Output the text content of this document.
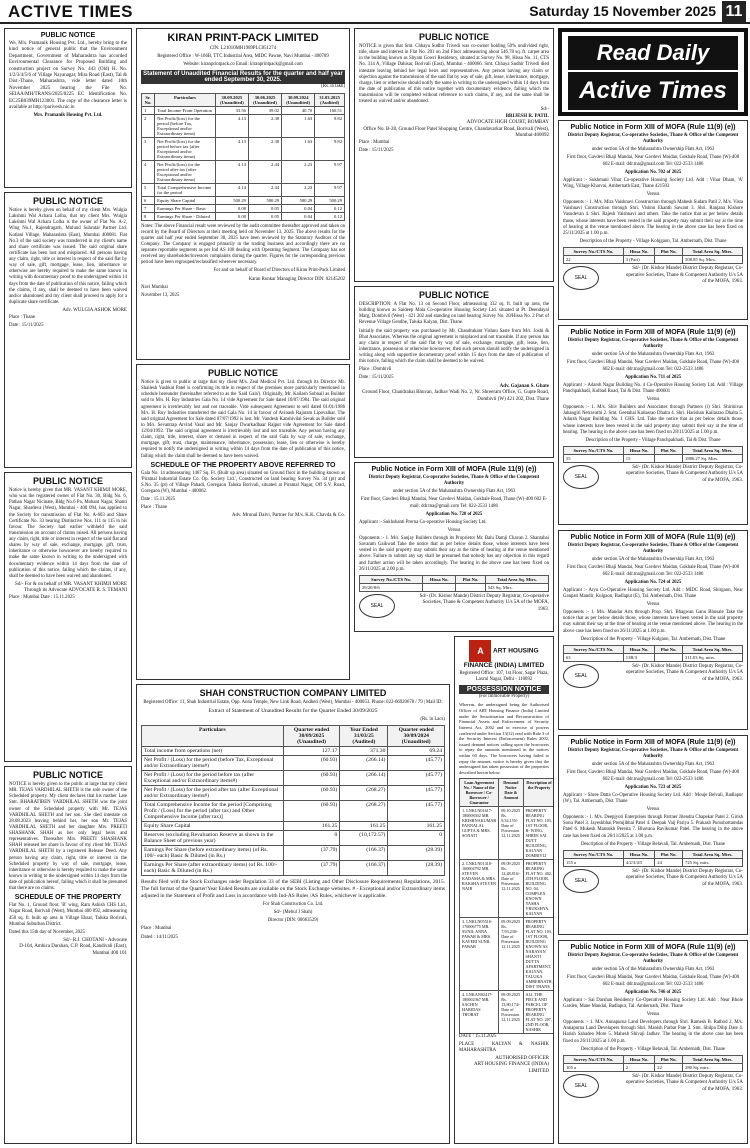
ACTIVE TIMES	Saturday 15 November 2025 11
PUBLIC NOTICE
We, M/s. Pramanik Housing Pvt. Ltd., hereby bring to the kind notice of general public that the Environment Department, Government of Maharashtra has accorded Environmental Clearance for Proposed Building and construction project on Survey No. 443 (Old) H. No. 1/2/3/4/5/6 of Village Nayanagar, Mira Road (East), Tal & Dist.-Thane, Maharashtra, vide letter dated 10th November 2025 bearing the File No. SEIAA/MH/TRANS/2025/0225 EC Identification No. EC25B039MH123001. The copy of the clearance letter is available at http://parivesh.nic.in
Mrs. Pramanik Housing Pvt. Ltd.
PUBLIC NOTICE
Notice is hereby given on behalf of my client Mrs. Wulgia Lakshmi Wal Achara Lolha, that my client Mrs. Wulgia Lakshmi Wal Achara Lolha is the owner of Flat No. A-2, Wing No.1, Rajendragarh, Mulund Suhrutal Partner Ltd. Kotlani Village, Maharashtra (East), Mumbai 400081. Flat No.3 of the said society was transferred in my client's name and share certificate was issued. The said original share certificate has been lost and misplaced. All persons having any claim, right, title or interest in respect of the said flat by way of sale, gift, mortgage, lease, lien, inheritance or otherwise are hereby required to make the same known in writing with documentary proof to the undersigned within 14 days from the date of publication of this notice, failing which the claims, if any, shall be deemed to have been waived and/or abandoned and my client shall proceed to apply for a duplicate share certificate.
Adv. WULGIA ASHOK MORE
Place : Thane
Date : 15/11/2025
PUBLIC NOTICE
Notice is hereby given that MR. VASANT KHIMJI MORE, who was the registered owner of Flat No. 30, Bldg No. 6, Pathan Nagar Nicinate, Bldg No.6 Pa, Mohant Nagar, Shanti Nagar, Shardeva (West), Mumbai - 400 094, has applied to the Society for transmission of Flat No. A-603 and Share Certificate No. 33 bearing Distinctive Nos. 111 to 115 in his favour. The Society had earlier withheld the said transmission on account of claims raised. All persons having any claim, right, title or interest in respect of the said flat and shares by way of sale, exchange, mortgage, gift, trust, inheritance or otherwise howsoever are hereby required to make the same known in writing to the undersigned with documentary evidence within 14 days from the date of publication of this notice, failing which the claims, if any, shall be deemed to have been waived and abandoned.
Sd/- For & on behalf of MR. VASANT KHIMJI MORE
Through its Advocate ADVOCATE R. S. TEMANI
Place : Mumbai Date : 15.11.2025
PUBLIC NOTICE
NOTICE is hereby given to the public at large that my client MR. TEJAS VARDHILAL SHETH is the sole owner of the Scheduled property. My client declares that his mother Late Smt. BHARATIBEN VARDHILAL SHETH was the joint owner of the Scheduled property with Mr. TEJAS VARDHILAL SHETH and her son. She died intestate on 28.08.2023 leaving behind her, her son Mr. TEJAS VARDHILAL SHETH and her daughter Mrs. PREETI SHASHANK SHAH as her only legal heirs and representatives. Thereafter Mrs. PREETI SHASHANK SHAH released her share in favour of my client Mr. TEJAS VARDHILAL SHETH by a registered Release Deed. Any person having any claim, right, title or interest in the Scheduled property by way of sale, mortgage, lease, inheritance or otherwise is hereby required to make the same known in writing to the undersigned within 14 days from the date of publication hereof, failing which it shall be presumed that there are no claims.
SCHEDULE OF THE PROPERTY
Flat No. 1, Ground floor, 'B' wing, Ram Ashish CHS Ltd., Nagar Road, Borivali (West), Mumbai 400 092, admeasuring 450 sq. ft. built up area in Village Eksar, Taluka Borivali, Mumbai Suburban District.
Dated this 15th day of November, 2025
Sd/- R.J. CHOTANI - Advocate
D-104, Ambica Darshan, C.P. Road, Kandivali (East), Mumbai 400 101
KIRAN PRINT-PACK LIMITED
CIN: L21010MH1989PLC051274
Registered Office : W-166B, TTC Industrial Area, MIDC Pawne, Navi Mumbai - 400709
Website: kiranprintpack.co Email: kiranprintpack@gmail.com
Statement of Unaudited Financial Results for the quarter and half year ended September 30, 2025.
(Rs. in lakh)
Sr. No.	Particulars	30.09.2025 (Unaudited)	30.06.2025 (Unaudited)	30.09.2024 (Unaudited)	31.03.2025 (Audited)
1	Total Income From Operation	33.56	39.02	40.70	160.51
2	Net Profit/(loss) for the period (before Tax, Exceptional and/or Extraordinary items)	4.13	2.38	1.63	9.82
3	Net Profit/(loss) for the period before tax (after Exceptional and/or Extraordinary items)	4.13	2.38	1.63	9.82
4	Net Profit/(loss) for the period after tax (after Exceptional and/or Extraordinary items)	4.14	2.44	2.23	9.97
5	Total Comprehensive Income for the period	4.14	2.44	2.23	9.97
6	Equity Share Capital	500.29	500.29	500.29	500.29
7	Earnings Per Share - Basic	0.08	0.05	0.04	0.12
8	Earnings Per Share - Diluted	0.08	0.05	0.04	0.12
Notes: The above Financial result were reviewed by the audit committee thereafter approved and taken on record by the Board of Directors at their meeting held on November 13, 2025. The above results for the quarter and half year ended September 30, 2025 have been reviewed by the Statutory Auditors of the Company. The Company is engaged primarily in the trading business and accordingly there are no separate reportable segments as per Ind AS 108 dealing with Operating Segment. The Company has not received any shareholder/investors complaints during the quarter. Figures for the corresponding previous period have been regrouped/reclassified wherever necessary.
For and on behalf of Board of Directors of Kiran Print-Pack Limited
Karan Ronkar Managing Director DIN: 02145202
Navi Mumbai
November 13, 2025
PUBLIC NOTICE
Notice is given to public at large that my client M/s. Zeal Medical Pvt. Ltd. through its Director Mr. Shailesh Vashkat Patel is confirming its title in respect of the premises more particularly mentioned in schedule hereunder (hereinafter referred to as the 'Said Gala'). Originally, Mr. Kailash Sobnail as Builder sold to M/s. H. Roy Industries Gala No. 14 vide Agreement for Sale dated 10/07/1984. The said original agreement is irretrievably lost and not traceable. Vide subsequent Agreement to sell dated 01/01/1986 M/s. H. Roy Industries transferred the said Gala No. 14 in favour of Avinash Rajaram Lipovalkar. The said original Agreement for Sale dated 07/07/1992 is lost. Mr. Vandesh Kanshivilal Sevak as Builder sold to M/s. Sevantrap Arvind Vasal and Mr. Sanjay Dwarkadhaar Rajput vide Agreement for Sale dated 12/04/1992. The said original agreement is irretrievably lost and not traceable. Any person having any claim, right, title, interest, share or demand in respect of the said Gala by way of sale, exchange, mortgage, gift, trust, charge, maintenance, inheritance, possession, lease, lien or otherwise is hereby required to notify the undersigned in writing within 14 days from the date of publication of this notice, failing which the claim shall be deemed to have been waived.
SCHEDULE OF THE PROPERTY ABOVE REFERRED TO
Gala No. 14 admeasuring 1467 Sq. Ft. (Built up area) situated on Ground floor in the building known as 'Piramal Industrial Estate Co. Op. Society Ltd.', Constructed on land bearing Survey No. 34 (pt) and S.No. 35 (pt) of Village Pahadi, Goregaon Taluka Borivali, situated at Piramal Nagar, Off S.V. Road, Goregaon (W), Mumbai - 400062.
Date : 15.11.2025
Place : Thane
Adv. Mrunal Dalvi, Partner for M/s. K.K. Chavda & Co.
SHAH CONSTRUCTION COMPANY LIMITED
Registered Office: 11, Shah Industrial Estate, Opp. Anna Temple, New Link Road, Andheri (West), Mumbai - 400053. Phone: 022-66920678 / 79 | Mail ID:
Extract of Statement of Unaudited Results for the Quarter Ended 30/09/2025
(Rs. in Lacs)
Particulars	Quarter ended 30/09/2025 (Unaudited)	Year Ended 31/03/25 (Audited)	Quarter ended 30/09/2024 (Unaudited)
Total income from operations (net)	127.17	371.30	69.24
Net Profit / (Loss) for the period (before Tax, Exceptional and/or Extraordinary items#)	(60.93)	(266.14)	(45.77)
Net Profit / (Loss) for the period before tax (after Exceptional and/or Extraordinary items#)	(60.93)	(266.14)	(45.77)
Net Profit / (Loss) for the period after tax (after Exceptional and/or Extraordinary items#)	(60.93)	(268.27)	(45.77)
Total Comprehensive Income for the period [Comprising Profit / (Loss) for the period (after tax) and Other Comprehensive Income (after tax)]	(60.93)	(268.27)	(45.77)
Equity Share Capital	161.25	161.25	161.25
Reserves (excluding Revaluation Reserve as shown in the Balance Sheet of previous year)	0	(10,172.57)	0
Earnings Per Share (before extraordinary items) (of Rs. 100/- each) Basic & Diluted (in Rs.)	(37.79)	(166.37)	(28.39)
Earnings Per Share (after extraordinary items) (of Rs. 100/- each) Basic & Diluted (in Rs.)	(37.79)	(166.37)	(28.39)
Results filed with the Stock Exchanges under Regulation 33 of the SEBI (Listing and Other Disclosure Requirements) Regulations, 2015. The full format of the Quarter/Year Ended Results are available on the Stock Exchange websites. # - Exceptional and/or Extraordinary items adjusted in the Statement of Profit and Loss in accordance with Ind-AS Rules /AS Rules, whichever is applicable.
For Shah Construction Co. Ltd.
Sd/- (Mehul J Shah)
Director (DIN: 00663529)
Place : Mumbai
Dated : 14/11/2025
PUBLIC NOTICE
NOTICE is given that Smt. Chhaya Sudhir Trivedi was co-owner holding 50% undivided right, title, share and interest in Flat No. 201 on 2nd Floor admeasuring about 546.78 sq. ft. carpet area in the building known as Shyam Gowri Residency, situated at Survey No. 98, Hissa No. 11, CTS No. 314 A, Village Dahisar, Borivali (East), Mumbai - 400066. Smt. Chhaya Sudhir Trivedi died intestate leaving behind her legal heirs and representatives. Any person having any claim or objection against the transmission of the said flat by way of sale, gift, lease, inheritance, mortgage, charge, lien or otherwise should notify the same in writing to the undersigned within 14 days from the date of publication of this notice together with documentary evidence, failing which the transmission will be completed without reference to such claims, if any, and the same shall be treated as waived and/or abandoned.
Sd/-
BRIJESH R. PATIL
ADVOCATE HIGH COURT, BOMBAY
Office No. B-28, Ground Floor Patel Shopping Centre, Chandavarkar Road, Borivali (West), Mumbai-400092
Place : Mumbai
Date : 15/11/2025
PUBLIC NOTICE
DESCRIPTION: A Flat No. 13 on Second Floor, admeasuring 332 sq. ft. built up area, the building known as Saideep Mala Co-operative Housing Society Ltd. situated at Pt. Deendayal Marg, Dombivli (West) - 421 202 and standing on land bearing Survey No. 20/Hissa No. 2 Part of Revenue Village Gendhe, Taluka Kalyan, Dist. Thane.
Initially the said property was purchased by Mr. Chandrakant Vishnu Saste from M/s. Joshi & Bhat Associates. Whereas the original agreement is misplaced and not traceable. If any person has any claim in respect of the said flat by way of sale, exchange, mortgage, gift, lease, lien, inheritance, possession or otherwise howsoever, then such person should notify the undersigned in writing along with supportive documentary proof within 15 days from the date of publication of this notice, failing which the claim shall be deemed to be waived.
Place : Dombivli
Date : 15/11/2025
Adv. Gajanan S. Ghate
Ground Floor, Chandrabai Bhuvan, Jadhav Wadi No. 2, Nr. Shreeram Office, G. Gupte Road, Dombivli (W) 421 202, Dist. Thane
Public Notice in Form XIII of MOFA (Rule 11(9) (e))
District Deputy Registrar, Co-operative Societies, Thane & Office of the Competent Authority
under section 5A of the Maharashtra Ownership Flats Act, 1963
First floor, Gavdevi Bhaji Mandai, Near Gavdevi Maidan, Gokhale Road, Thane (W)-400 602 E-mail: ddr.tna@gmail.com Tel: 022-2533 1486
Application No. 720 of 2025
Applicant :- Sukhshanti Prerna Co-operative Housing Society Ltd.
Versus
Opponents :- 1. M/s. Sanjay Builders through its Proprietor Mr. Balu Damji Chavan 2. Shantabai Savaram Gaikwad Take the notice that as per below details those, whose interests have been vested in the said property may submit their say at the time of hearing at the venue mentioned above. Failure to submit any say shall be presumed that nobody has any objection in this regard and further action will be taken accordingly. The hearing in the above case has been fixed on 26/11/2025 at 2.00 p.m.
Survey No./CTS No.	Hissa No.	Plot No.	Total Area Sq. Mtrs.
29/20/8/6			543 Sq. Mtrs.
SEAL
Sd/- (Dr. Kishor Mande) District Deputy Registrar, Co-operative Societies, Thane & Competent Authority U/s 5A of the MOFA, 1963.
A ART HOUSING FINANCE (INDIA) LIMITED
Registered Office: 107, 1st Floor, Sagar Plaza, Laxmi Nagar, Delhi - 110092
POSSESSION NOTICE
(For Immovable Property)
Whereas, the undersigned being the Authorised Officer of ART Housing Finance (India) Limited under the Securitisation and Reconstruction of Financial Assets and Enforcement of Security Interest Act, 2002 and in exercise of powers conferred under Section 13(12) read with Rule 3 of the Security Interest (Enforcement) Rules 2002, issued demand notices calling upon the borrowers to repay the amounts mentioned in the notices within 60 days. The borrowers having failed to repay the amount, notice is hereby given that the undersigned has taken possession of the properties described herein below.
Loan Agreement No. / Name of the Borrower / Co-Borrower / Guarantor	Demand Notice Date & Amount	Description of the Property
1. LNKLN01617-180008302 MR. KRISHNAKUMAR PANNALAL GUPTA & MRS. SONATI	09.10.2025 Rs. 9,32,155/- Date of Possession 12.11.2025	PROPERTY BEARING FLAT NO. 103, 1ST FLOOR, B- WING, SHREE SAI DUTT BUILDING, KALYAN DOMBIVLI
2. LNKLN01418-160004792 MR. STEVEN KADAMA & MRS. RAKSHA STEVEN NAIR	09.09.2025 Rs. 12,48,816/- Date of Possession 12.11.2025	PROPERTY BEARING FLAT NO. 402, 4TH FLOOR, BUILDING NO. 04, COMPLEX KNOWN YASHA VRUKSHYA, KALYAN
3. LNKLN05516-170006775 MR. SUNIL ANNA PAWAR & MRS. KAVERI SUNIL PAWAR	09.09.2025 Rs. 7,93,230/- Date of Possession 12.11.2025	PROPERTY BEARING FLAT NO. 103, 1ST FLOOR, BUILDING KNOWN AS NARAYAN SHANTI DUTTA APARTMENT, KALYAN, TALUKA AMBERNATH, DIST THANE
4. LNKAN02417-180002367 MR. SACHIN HARIDAS THORAT	09.09.2025 Rs. 13,80,174/- Date of Possession 12.11.2025	ALL THE PIECE AND PARCEL OF PROPERTY BEARING FLAT NO. 207, 2ND FLOOR, NASHIK
DATE : 15.11.2025
PLACE : KALYAN & NASHIK MAHARASHTRA
AUTHORISED OFFICER
ART HOUSING FINANCE (INDIA) LIMITED
Read Daily
Active Times
Public Notice in Form XIII of MOFA (Rule 11(9) (e))
District Deputy Registrar, Co-operative Societies, Thane & Office of the Competent Authority
under section 5A of the Maharashtra Ownership Flats Act, 1963
First floor, Gavdevi Bhaji Mandai, Near Gavdevi Maidan, Gokhale Road, Thane (W)-400 602 E-mail: ddr.tna@gmail.com Tel: 022-2533 1486
Application No. 702 of 2025
Applicant :- Sukhmani Vihar Co-operative Housing Society Ltd. Add : Vihar Dham, 'A' Wing, Village Kharvai, Ambernath East, Thane 421503
Versus
Opponents :- 1. M/s. Mira Vaishnavi Construction through Mahesh Sudam Patil 2. M/s. Vista Vaishnavi Construction through Shri. Vishnu Ekanth Sawant 3. Shri. Ranjana Kishore Vasudevan 4. Shri. Rajesh Vaishnavi and others. Take the notice that as per below details those, whose interests have been vested in the said property may submit their say at the time of hearing at the venue mentioned above. The hearing in the above case has been fixed on 25/11/2025 at 1.00 p.m.
Description of the Property - Village Kohjgaon, Tal. Ambernath, Dist. Thane
Survey No./CTS No.	Hissa No.	Plot No.	Total Area Sq. Mtrs.
22	3 (Part)		508.85 Sq. Mtrs.
SEAL
Sd/- (Dr. Kishor Mande) District Deputy Registrar, Co-operative Societies, Thane & Competent Authority U/s 5A of the MOFA, 1963.
Public Notice in Form XIII of MOFA (Rule 11(9) (e))
District Deputy Registrar, Co-operative Societies, Thane & Office of the Competent Authority
under section 5A of the Maharashtra Ownership Flats Act, 1963
First floor, Gavdevi Bhaji Mandai, Near Gavdevi Maidan, Gokhale Road, Thane (W)-400 602 E-mail: ddr.tna@gmail.com Tel: 022-2533 1486
Application No. 711 of 2025
Applicant :- Adarsh Nagar Building No. 4 Co-Operative Housing Society Ltd. Add : Village Panchpakhadi, Kolbad Road, Tal & Dist. Thane 400601
Versus
Opponents :- 1. M/s. Shiv Builders and Associates through Partners (i) Shri. Shirinivas Jahangiri Netravathi 2. Smt. Geetabai Kailasrao Dhalta 4. Shri. Harishan Kailasrao Dhalta 5. Adarsh Nagar Building No. 1 CHS. Ltd. Take the notice that as per below details those, whose interests have been vested in the said property may submit their say at the time of hearing. The hearing in the above case has been fixed on 28/11/2025 at 1.00 p.m.
Description of the Property - Village Panchpakhadi, Tal & Dist. Thane
Survey No./CTS No.	Hissa No.	Plot No.	Total Area Sq. Mtrs.
55	15		1886.27 Sq. Mtrs.
SEAL
Sd/- (Dr. Kishor Mande) District Deputy Registrar, Co-operative Societies, Thane & Competent Authority U/s 5A of the MOFA, 1963.
Public Notice in Form XIII of MOFA (Rule 11(9) (e))
District Deputy Registrar, Co-operative Societies, Thane & Office of the Competent Authority
under section 5A of the Maharashtra Ownership Flats Act, 1963
First floor, Gavdevi Bhaji Mandai, Near Gavdevi Maidan, Gokhale Road, Thane (W)-400 602 E-mail: ddr.tna@gmail.com Tel: 022-2533 1486
Application No. 724 of 2025
Applicant :- Arya Co-Operative Housing Society Ltd. Add : MIDC Road, Shirgaon, Near Ganpati Mandir, Kulgaon, Badlapur (E), Tal. Ambernath, Dist. Thane
Versus
Opponents :- 1. M/s. Mandar Arts through Prop. Shri. Bhagwan Ganu Bhosale Take the notice that as per below details those, whose interests have been vested in the said property may submit their say at the time of hearing at the venue mentioned above. The hearing in the above case has been fixed on 26/11/2025 at 1.00 p.m.
Description of the Property - Village Kulgaon, Tal. Ambernath, Dist. Thane
Survey No./CTS No.	Hissa No.	Plot No.	Total Area Sq. Mtrs.
63	13B/3		311.03 Sq. mtrs.
SEAL
Sd/- (Dr. Kishor Mande) District Deputy Registrar, Co-operative Societies, Thane & Competent Authority U/s 5A of the MOFA, 1963.
Public Notice in Form XIII of MOFA (Rule 11(9) (e))
District Deputy Registrar, Co-operative Societies, Thane & Office of the Competent Authority
under section 5A of the Maharashtra Ownership Flats Act, 1963
First floor, Gavdevi Bhaji Mandai, Near Gavdevi Maidan, Gokhale Road, Thane (W)-400 602 E-mail: ddr.tna@gmail.com Tel: 022-2533 1486
Application No. 723 of 2025
Applicant :- Shree Datta Co-Operative Housing Society Ltd. Add : Mouje Belvali, Badlapur (W), Tal. Ambernath, Dist. Thane
Versus
Opponents :- 1. M/s. Deepjyoti Enterprises through Partner Jitendra Chapekar Patel 2. Girish Sonu Patel 3. Jayeshbhai Premjibhai Patel 4. Deepak Vaij Pariya 5. Prakash Purushottamdas Patel 6. Mukesh Mansukh Pereira 7. Bhavana Ravikumar Patel. The hearing in the above case has been fixed on 26/11/2025 at 1.00 p.m.
Description of the Property - Village Belavali, Tal. Ambernath, Dist. Thane
Survey No./CTS No.	Hissa No.	Plot No.	Total Area Sq. Mtrs.
155 a	4/2/3/4/5	24	725 Sq. mtrs.
SEAL
Sd/- (Dr. Kishor Mande) District Deputy Registrar, Co-operative Societies, Thane & Competent Authority U/s 5A of the MOFA, 1963.
Public Notice in Form XIII of MOFA (Rule 11(9) (e))
District Deputy Registrar, Co-operative Societies, Thane & Office of the Competent Authority
under section 5A of the Maharashtra Ownership Flats Act, 1963
First floor, Gavdevi Bhaji Mandai, Near Gavdevi Maidan, Gokhale Road, Thane (W)-400 602 E-mail: ddr.tna@gmail.com Tel: 022-2533 1486
Application No. 746 of 2025
Applicant :- Sai Darshan Residency Co-Operative Housing Society Ltd. Add : Near Bhole Garden, Mane Mandal, Badlapur, Tal. Ambernath, Dist. Thane
Versus
Opponents :- 1. M/s. Annapurna Land Developers through Shri. Ramesh B. Rathod 2. M/s. Annapurna Land Developers through Shri. Manish Parbat Pate 3. Smt. Shilpa Dilip Date 4. Harish Sahadeo More 5. Mahesh Shivaji Jadhav. The hearing in the above case has been fixed on 26/11/2025 at 1.00 p.m.
Description of the Property - Village Belavali, Tal. Ambernath, Dist. Thane
Survey No./CTS No.	Hissa No.	Plot No.	Total Area Sq. Mtrs.
105 a	2	22	280 Sq. mtrs.
SEAL
Sd/- (Dr. Kishor Mande) District Deputy Registrar, Co-operative Societies, Thane & Competent Authority U/s 5A of the MOFA, 1963.
